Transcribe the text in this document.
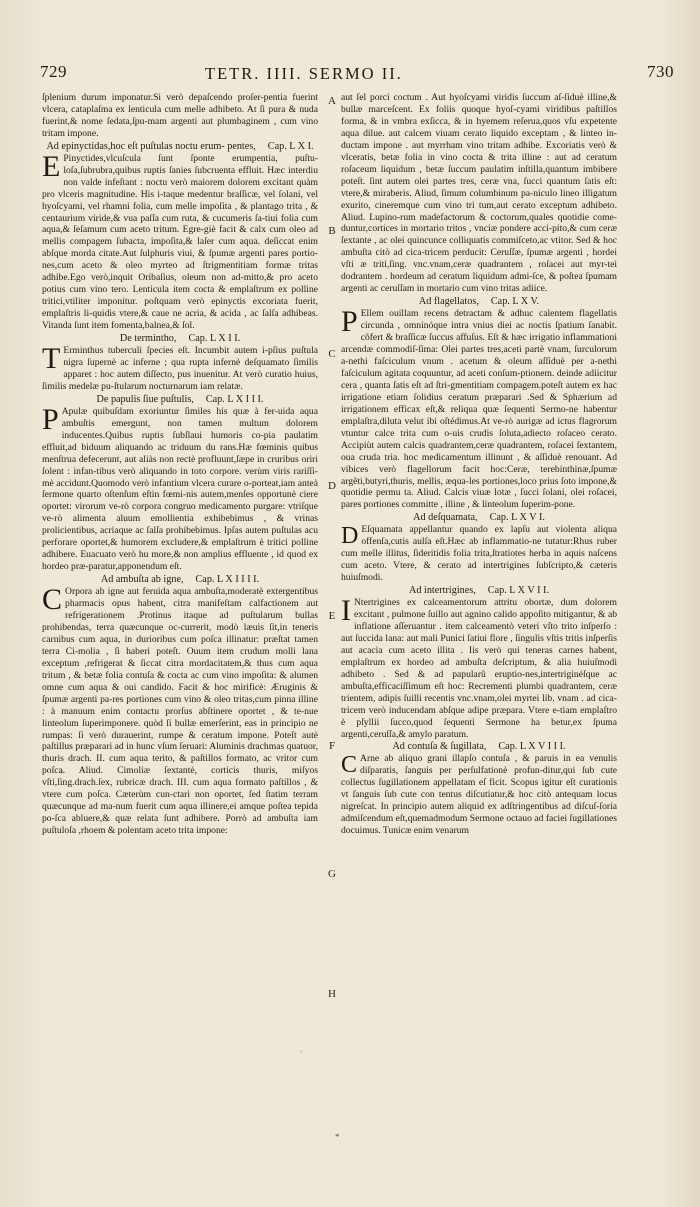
729	TETR. IIII. SERMO II.	730

ſplenium durum imponatur.Si verò depaſcendo proſer-pentia fuerint vlcera, cataplaſma ex lenticula cum melle adhibeto. At ſi pura & nuda fuerint,& nome ſedata,ſpu-mam argenti aut plumbaginem , cum vino tritam impone.

Ad epinyctidas,hoc eſt puſtulas noctu erum- pentes, Cap. L X I.

E Pinyctides,vlcuſcula ſunt ſponte erumpentia, puſtu-loſa,ſubrubra,quibus ruptis ſanies ſubcruenta effluit. Hæc interdiu non valde infeſtant : noctu verò maiorem dolorem excitant quàm pro vlceris magnitudine. His i-taque medentur braſſicæ, vel ſolani, vel hyoſcyami, vel rhamni folia, cum melle impoſita , & plantago trita , & centaurium viride,& vua paſſa cum ruta, & cucumeris ſa-tiui folia cum aqua,& ſeſamum cum aceto tritum. Egre-giè facit & calx cum oleo ad mellis compagem ſubacta, impoſita,& laſer cum aqua. deſiccat enim abſque morda citate.Aut ſulphuris viui, & ſpumæ argenti pares portio-nes,cum aceto & oleo myrteo ad ſtrigmentitiam formæ tritas adhibe.Ego verò,inquit Oribaſius, oleum non ad-mitto,& pro aceto potius cum vino tero. Lenticula item cocta & emplaſtrum ex polline tritici,vtiliter imponitur. poſtquam verò epinyctis excoriata fuerit, emplaſtris li-quidis vtere,& caue ne acria, & acida , ac ſalſa adhibeas. Vitanda ſunt item fomenta,balnea,& ſol.

De termintho, Cap. L X I I.

T Erminthus tuberculi ſpecies eſt. Incumbit autem i-pſius puſtula nigra ſupernè ac inferne ; qua rupta infernè deſquamato ſimilis apparet : hoc autem diſſecto, pus inuenitur. At verò curatio huius, ſimilis medelæ pu-ſtularum nocturnarum iam relatæ.

De papulis ſiue puſtulis, Cap. L X I I I.

P Apulæ quibuſdam exoriuntur ſimiles his quæ à fer-uida aqua ambuſtis emergunt, non tamen multum dolorem inducentes.Quibus ruptis ſubſlaui humoris co-pia paulatim effluit,ad biduum aliquando ac triduum du rans.Hæ fœminis quibus menſtrua defecerunt, aut aliàs non rectè profluunt,ſæpe in cruribus oriri ſolent : infan-tibus verò aliquando in toto corpore. verùm viris rariſſi-mè accidunt.Quomodo verò infantium vlcera curare o-porteat,iam anteà ſermone quarto oſtenſum eſtin fœmi-nis autem,menſes opportunè ciere oportet: virorum ve-rò corpora congruo medicamento purgare: vtriſque ve-rò alimenta aluum emollientia exhibebimus , & vrinas prolicientibus, acriaque ac ſalſa prohibebimus. Ipſas autem puſtulas acu perforare oportet,& humorem excludere,& emplaſtrum è tritici polline adhibere. Euacuato verò hu more,& non amplius effluente , id quod ex hordeo præ-paratur,apponendum eſt.

Ad ambuſta ab igne, Cap. L X I I I I.

C Orpora ab igne aut feruida aqua ambuſta,moderatè extergentibus pharmacis opus habent, citra manifeſtam calfactionem aut refrigerationem .Protinus itaque ad puſtularum bullas prohibendas, terra quæcunque oc-currerit, modò læuis ſit,in teneris carnibus cum aqua, in durioribus cum poſca illinatur: præſtat tamen terra Ci-molia , ſi haberi poteſt. Ouum item crudum molli lana exceptum ,refrigerat & ſiccat citra mordacitatem,& thus cum aqua tritum , & betæ folia contuſa & cocta ac cum vino impoſita: & alumen omne cum aqua & oui candido. Facit & hoc mirificè: Æruginis & ſpumæ argenti pa-res portiones cum vino & oleo tritas,cum pinna illine : à manuum enim contactu prorſus abſtinere oportet , & te-nue linteolum ſuperimponere. quòd ſi bullæ emerſerint, eas in principio ne rumpas: ſi verò durauerint, rumpe & ceratum impone. Poteſt autè paſtillus præparari ad in hunc vſum ſeruari: Aluminis drachmas quatuor, thuris drach. II. cum aqua terito, & paſtillos formato, ac vritor cum poſca. Aliud. Cimoliæ ſextantè, corticis thuris, miſyos vſti,ſing.drach.ſex, rubricæ drach. III. cum aqua formato paſtillos , & vtere cum poſca. Cæterùm cun-ctari non oportet, ſed ſtatim terram quæcunque ad ma-num fuerit cum aqua illinere,ei amque poſtea tepida po-ſca abluere,& quæ relata ſunt adhibere. Porrò ad ambuſta iam puſtuloſa ,rhoem & polentam aceto trita impone:

A
B
C
D
E
F
G
H

aut ſel porci coctum . Aut hyoſcyami viridis ſuccum aſ-ſiduè illine,& bullæ marceſcent. Ex foliis quoque hyoſ-cyami viridibus paſtillos forma, & in vmbra exſicca, & in hyemem reſerua,quos vſu expetente aqua dilue. aut calcem viuam cerato liquido exceptam , & linteo in-ductam impone . aut myrrham vino tritam adhibe. Excoriatis verò & vlceratis, betæ folia in vino cocta & trita illine : aut ad ceratum roſaceum liquidum , betæ ſuccum paulatim inſtilla,quantum imbibere poteſt. ſint autem olei partes tres, ceræ vna, ſucci quantum ſatis eſt: vtere,& miraberis. Aliud, ſimum columbinum pa-niculo lineo illigatum exurito, cineremque cum vino tri tum,aut cerato exceptum adhibeto. Aliud. Lupino-rum madefactorum & coctorum,quales quotidie come-duntur,cortices in mortario tritos , vnciæ pondere acci-pito,& cum ceræ ſextante , ac olei quincunce colliquatis commiſceto,ac vtitor. Sed & hoc ambuſta citò ad cica-tricem perducit: Ceruſſæ, ſpumæ argenti , hordei vſti æ triti,ſing. vnc.vnam,ceræ quadrantem , roſacei aut myr-tei dodrantem . hordeum ad ceratum liquidum admi-ſce, & poſtea ſpumam argenti ac ceruſſam in mortario cum vino tritas adiice.

Ad flagellatos, Cap. L X V.

P Ellem ouillam recens detractam & adhuc calentem flagellatis circunda , omninóque intra vnius diei ac noctis ſpatium ſanabit. cõfert & braſſicæ ſuccus affuſus. Eſt & hæc irrigatio inflammationi arcendæ commodiſ-ſima: Olei partes tres,aceti partè vnam, ſurculorum a-nethi faſciculum vnum . acetum & oleum aſſiduè per a-nethi faſciculum agitata coquuntur, ad aceti conſum-ptionem. deinde adiicitur cera , quanta ſatis eſt ad ſtri-gmentitiam compagem.poteſt autem ex hac irrigatione etiam ſolidius ceratum præparari .Sed & Sphærium ad irrigationem efficax eſt,& reliqua quæ ſequenti Sermo-ne habentur emplaſtra,diluta velut ibi oſtédimus.At ve-rò aurigæ ad ictus flagrorum vtuntur calce trita cum o-uis crudis ſoluta,adiecto roſaceo cerato. Accipiùt autem calcis quadrantem,ceræ quadrantem, roſacei ſextantem, oua cruda tria. hoc medicamentum illinunt , & aſſiduè renouant. Ad vibices verò flagellorum facit hoc:Ceræ, terebinthinæ,ſpumæ argẽti,butyri,thuris, mellis, æqua-les portiones,loco prius ſoto impone,& quotidie permu ta. Aliud. Calcis viuæ lotæ , ſucci ſolani, olei roſacei, pares portiones committe , illine , & linteolum ſuperim-pone.

Ad deſquamata, Cap. L X V I.

D Eſquamata appellantur quando ex lapſu aut violenta aliqua offenſa,cutis aulſa eſt.Hæc ab inflammatio-ne tutatur:Rhus ruber cum melle illitus, ſideritidis folia trita,ſtratiotes herba in aquis naſcens cum aceto. Vtere, & cerato ad intertrigines ſubſcripto,& cæteris huiuſmodi.

Ad intertrigines, Cap. L X V I I.

I Ntertrigines ex calceamentorum attritu obortæ, dum dolorem excitant , pulmone ſuillo aut agnino calido appoſito mitigantur, & ab inflatione aſſeruantur . item calceamentò veteri vſto trito inſperſo : aut ſuccida lana: aut mali Punici ſatiui flore , ſingulis vſtis tritis inſperſis aut acacia cum aceto illita . Iis verò qui teneras carnes habent, emplaſtrum ex hordeo ad ambuſta deſcriptum, & alia huiuſmodi adhibeto . Sed & ad papularũ eruptio-nes,intertriginéſque ac ambuſta,efficaciſſimum eſt hoc: Recrementi plumbi quadrantem, ceræ trientem, adipis ſuilli recentis vnc.vnam,olei myrtei lib. vnam . ad cica-tricem verò inducendam abſque adipe præpara. Vtere e-tiam emplaſtro è pſyllii ſucco,quod ſequenti Sermone ha betur,ex ſpuma argenti,ceruſſa,& amylo paratum.

Ad contuſa & ſugillata, Cap. L X V I I I.

C Arne ab aliquo grani illapſo contuſa , & paruis in ea venulis diſparatis, ſanguis per perſulfationè profun-ditur,qui ſub cute collectus ſugillationem appellatam eſ ficit. Scopus igitur eſt curationis vt ſanguis ſub cute con tentus diſcutiatur,& hoc citò antequam locus nigreſcat. In principio autem aliquid ex adſtringentibus ad diſcuſ-ſoria admiſcendum eſt,quemadmodum Sermone octauo ad faciei ſugillationes docuimus. Tunicæ enim venarum

*
